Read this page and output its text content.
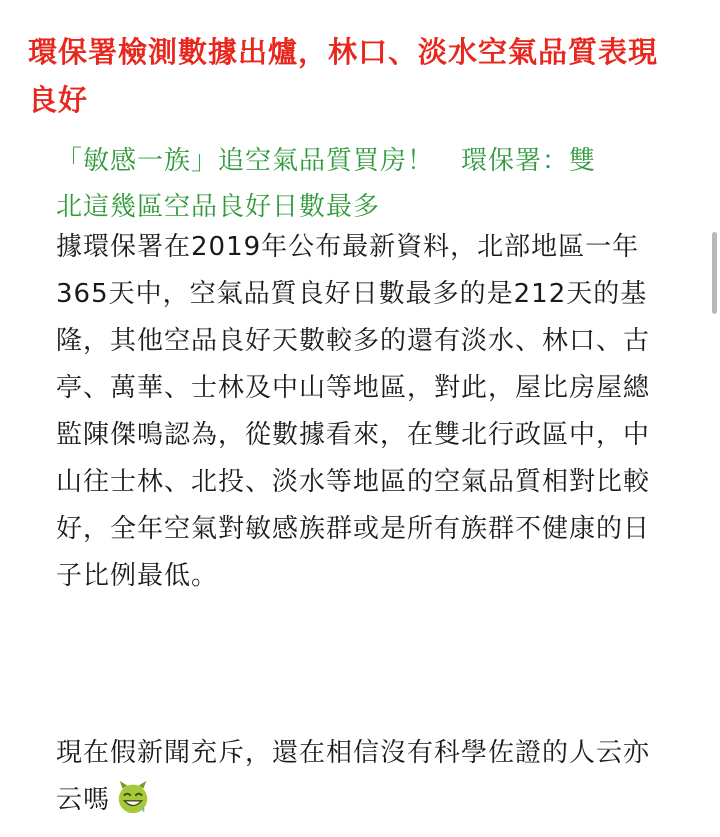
環保署檢測數據出爐，林口、淡水空氣品質表現良好

「敏感一族」追空氣品質買房！　環保署：雙北這幾區空品良好日數最多

據環保署在2019年公布最新資料，北部地區一年365天中，空氣品質良好日數最多的是212天的基隆，其他空品良好天數較多的還有淡水、林口、古亭、萬華、士林及中山等地區，對此，屋比房屋總監陳傑鳴認為，從數據看來，在雙北行政區中，中山往士林、北投、淡水等地區的空氣品質相對比較好，全年空氣對敏感族群或是所有族群不健康的日子比例最低。

現在假新聞充斥，還在相信沒有科學佐證的人云亦云嗎
